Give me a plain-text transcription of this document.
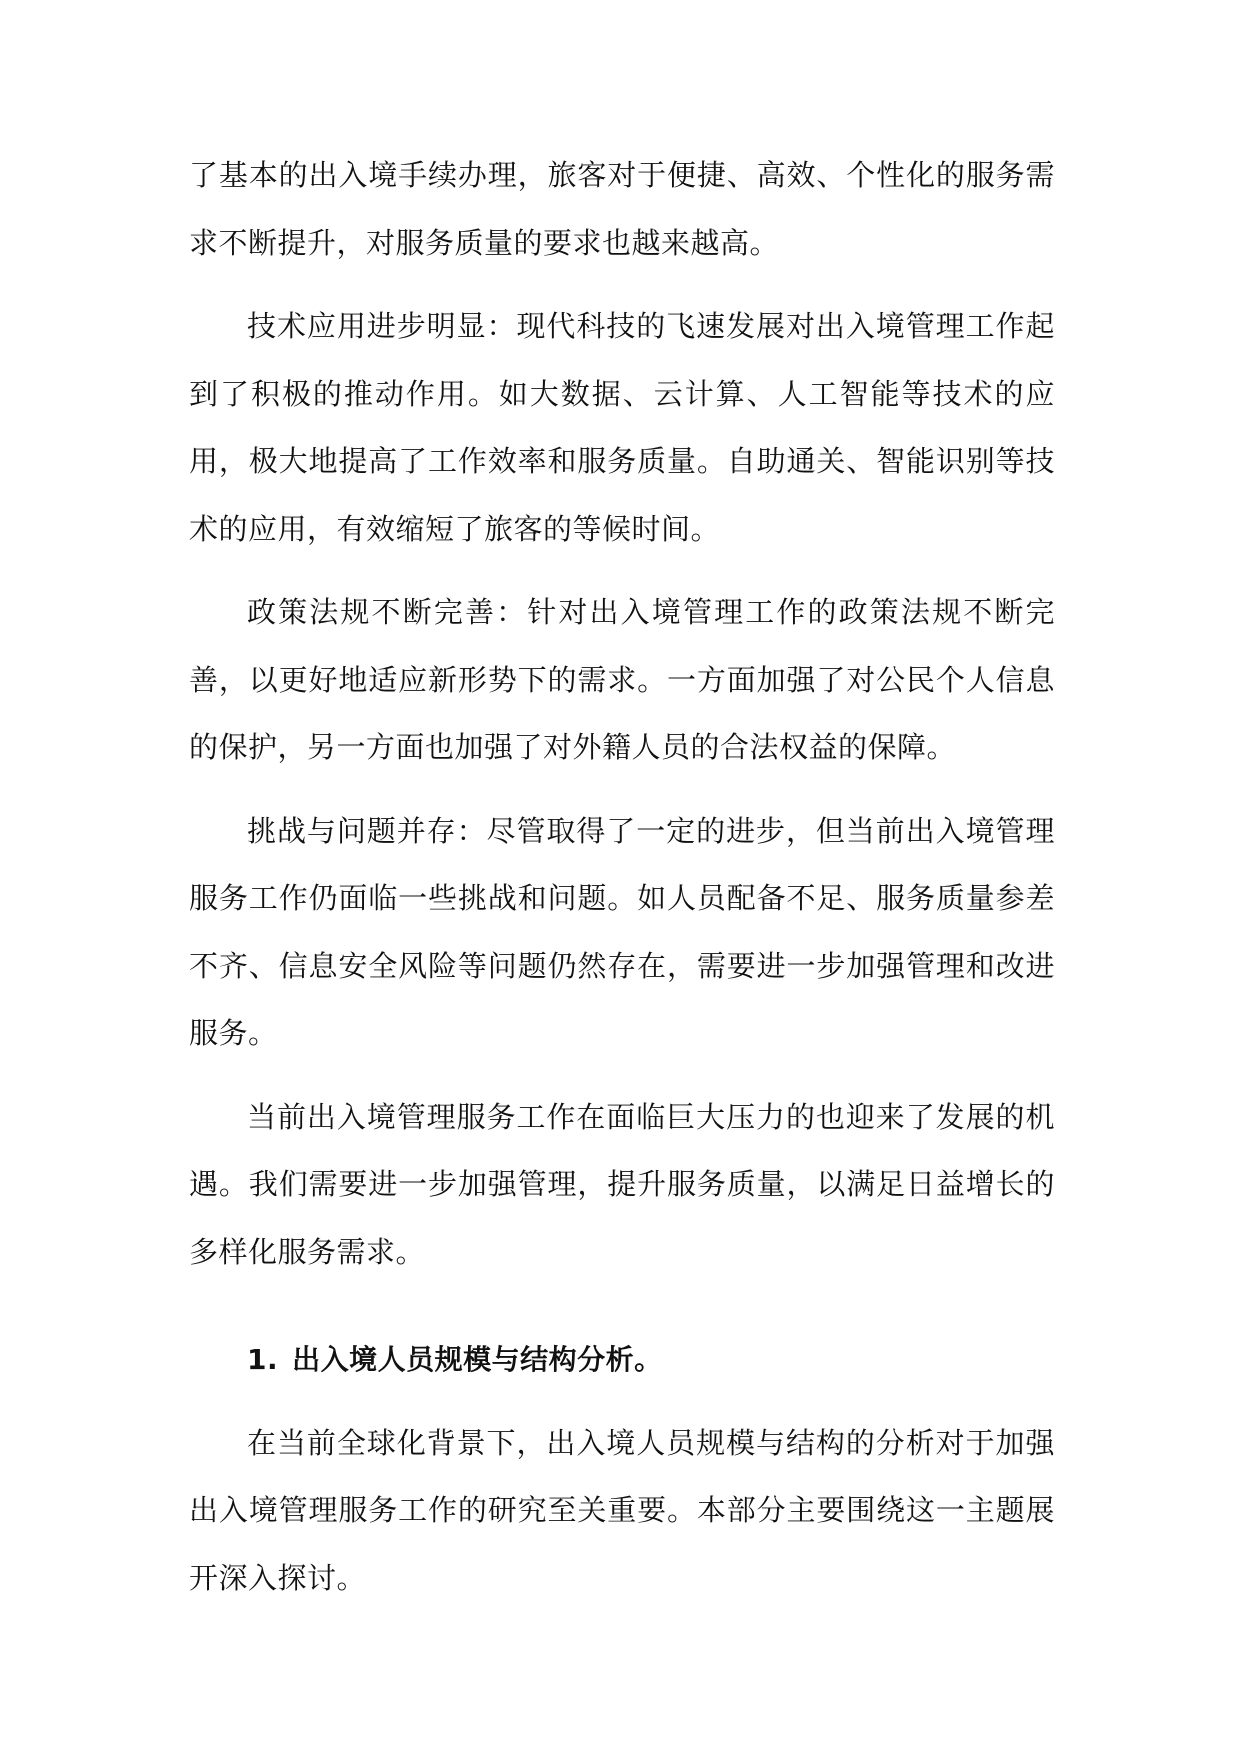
了基本的出入境手续办理，旅客对于便捷、高效、个性化的服务需求不断提升，对服务质量的要求也越来越高。

技术应用进步明显：现代科技的飞速发展对出入境管理工作起到了积极的推动作用。如大数据、云计算、人工智能等技术的应用，极大地提高了工作效率和服务质量。自助通关、智能识别等技术的应用，有效缩短了旅客的等候时间。

政策法规不断完善：针对出入境管理工作的政策法规不断完善，以更好地适应新形势下的需求。一方面加强了对公民个人信息的保护，另一方面也加强了对外籍人员的合法权益的保障。

挑战与问题并存：尽管取得了一定的进步，但当前出入境管理服务工作仍面临一些挑战和问题。如人员配备不足、服务质量参差不齐、信息安全风险等问题仍然存在，需要进一步加强管理和改进服务。

当前出入境管理服务工作在面临巨大压力的也迎来了发展的机遇。我们需要进一步加强管理，提升服务质量，以满足日益增长的多样化服务需求。

1. 出入境人员规模与结构分析。

在当前全球化背景下，出入境人员规模与结构的分析对于加强出入境管理服务工作的研究至关重要。本部分主要围绕这一主题展开深入探讨。
